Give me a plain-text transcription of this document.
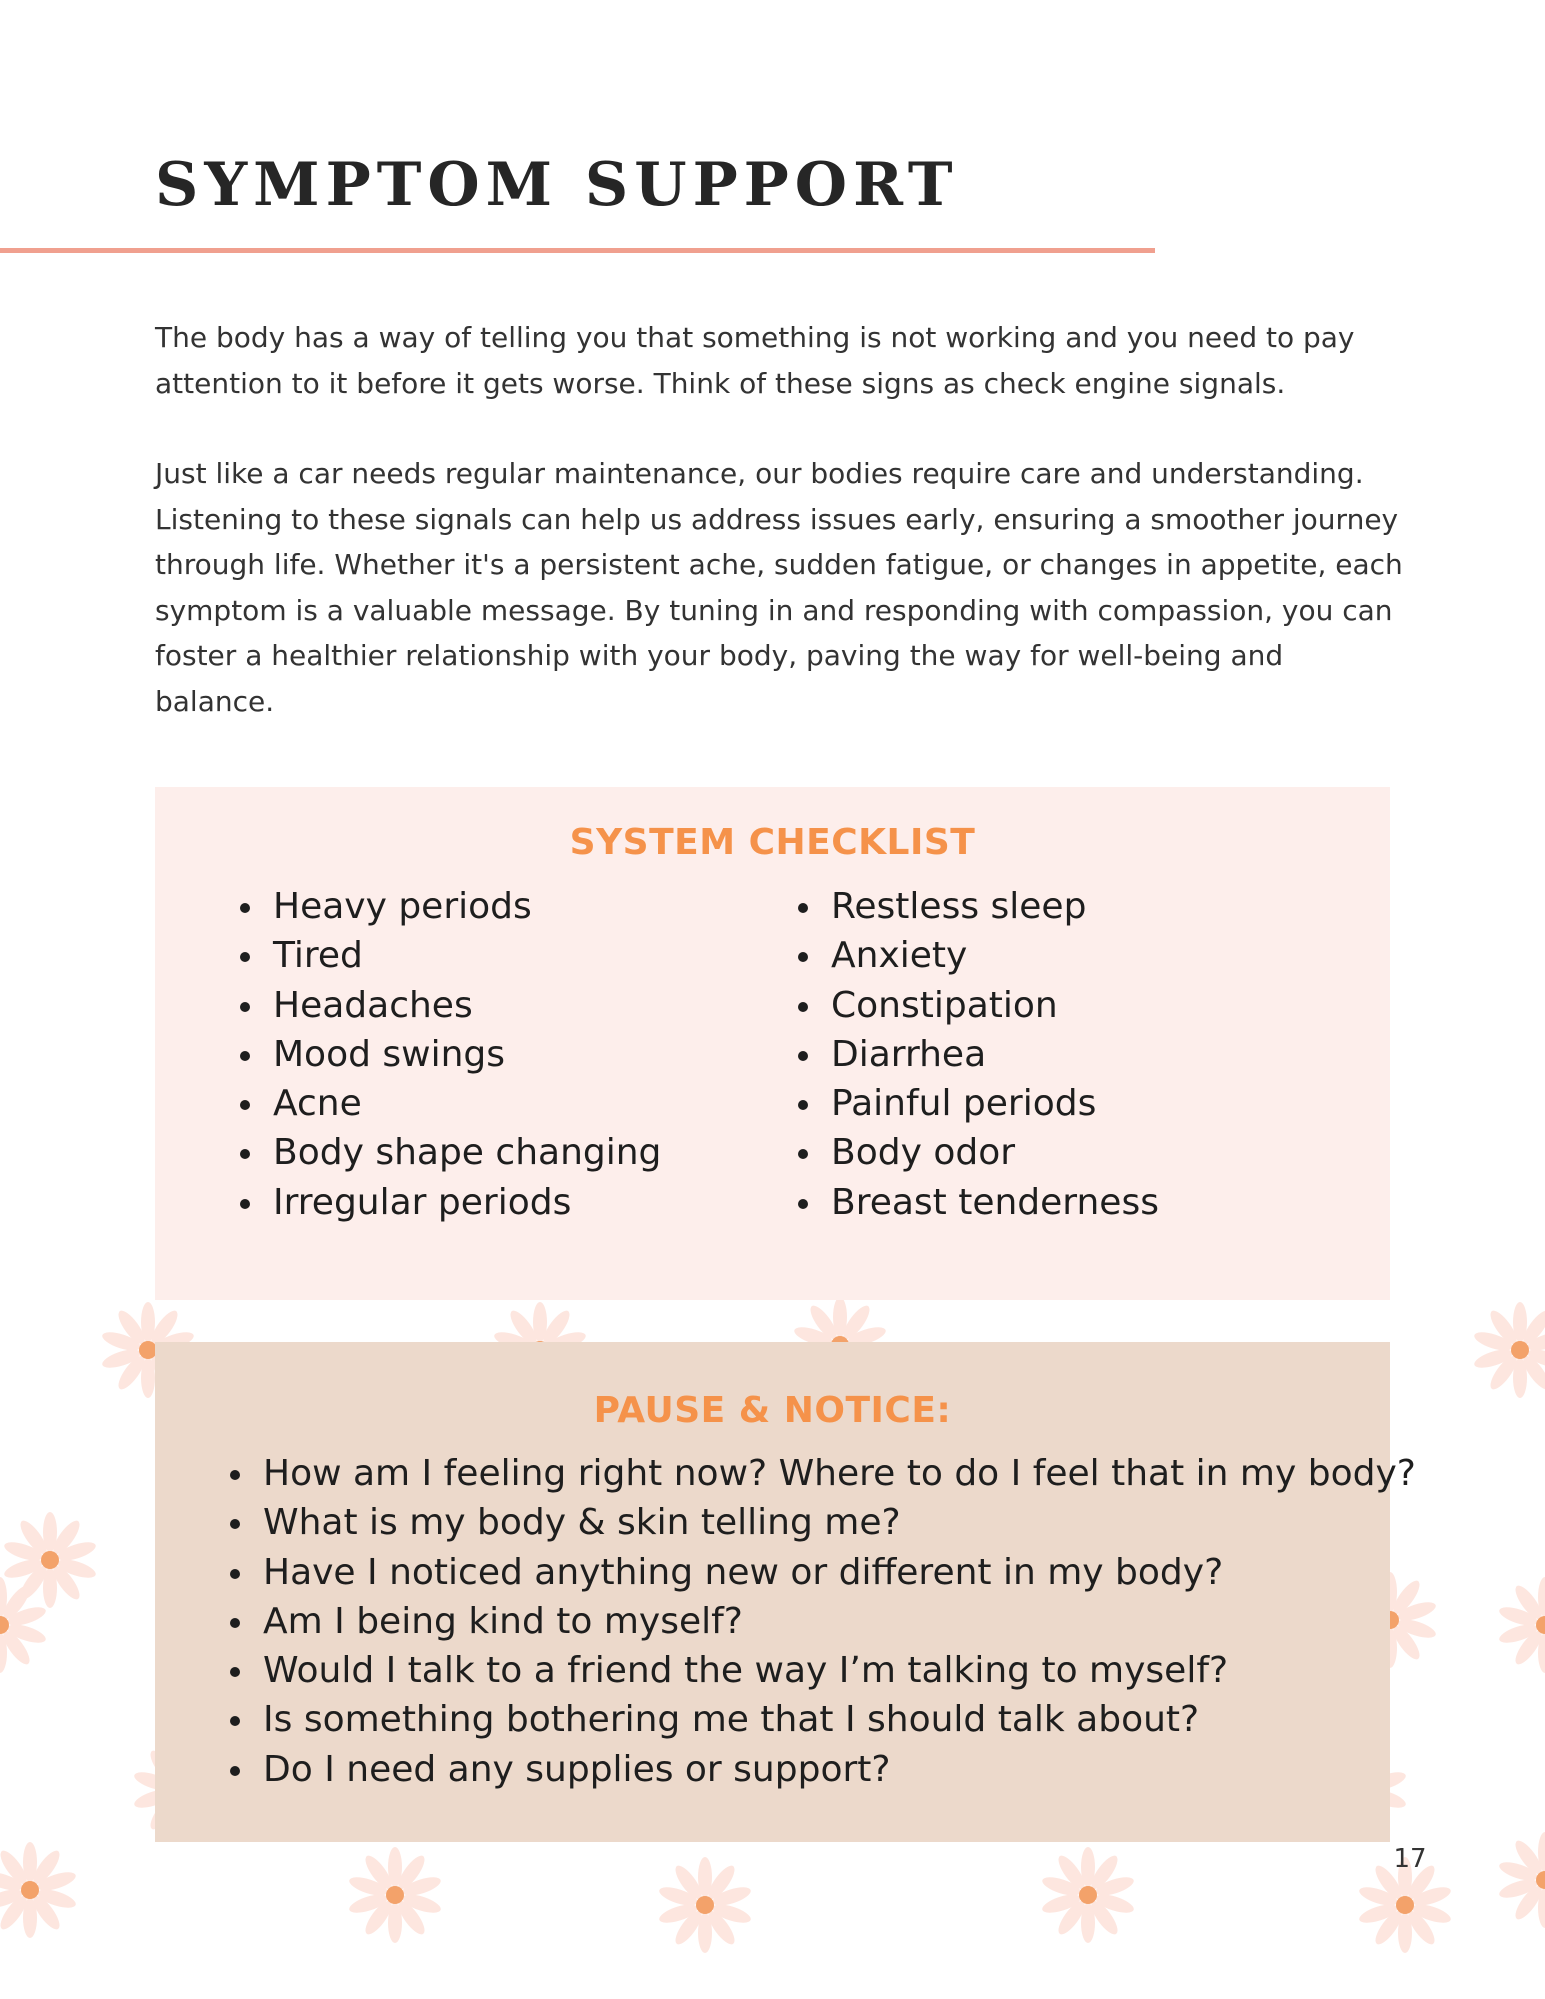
SYMPTOM SUPPORT

The body has a way of telling you that something is not working and you need to pay attention to it before it gets worse. Think of these signs as check engine signals.

Just like a car needs regular maintenance, our bodies require care and understanding. Listening to these signals can help us address issues early, ensuring a smoother journey through life. Whether it's a persistent ache, sudden fatigue, or changes in appetite, each symptom is a valuable message. By tuning in and responding with compassion, you can foster a healthier relationship with your body, paving the way for well-being and balance.

SYSTEM CHECKLIST
Heavy periods
Tired
Headaches
Mood swings
Acne
Body shape changing
Irregular periods
Restless sleep
Anxiety
Constipation
Diarrhea
Painful periods
Body odor
Breast tenderness
PAUSE & NOTICE:
How am I feeling right now? Where to do I feel that in my body?
What is my body & skin telling me?
Have I noticed anything new or different in my body?
Am I being kind to myself?
Would I talk to a friend the way I’m talking to myself?
Is something bothering me that I should talk about?
Do I need any supplies or support?
17
